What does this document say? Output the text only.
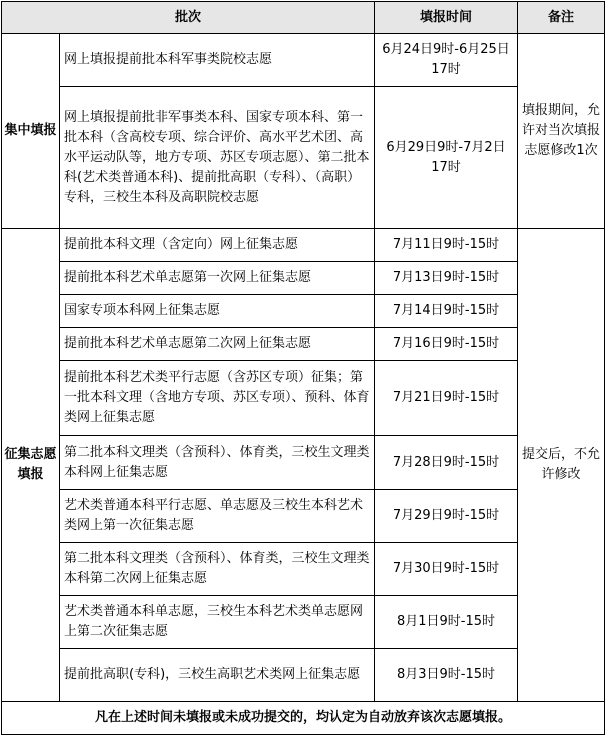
批次		填报时间	备注
集中填报	网上填报提前批本科军事类院校志愿	6月24日9时-6月25日17时	填报期间，允许对当次填报志愿修改1次
	网上填报提前批非军事类本科、国家专项本科、第一批本科（含高校专项、综合评价、高水平艺术团、高水平运动队等，地方专项、苏区专项志愿）、第二批本科(艺术类普通本科)、提前批高职（专科）、（高职）专科，三校生本科及高职院校志愿	6月29日9时-7月2日17时	
征集志愿填报	提前批本科文理（含定向）网上征集志愿	7月11日9时-15时	提交后，不允许修改
	提前批本科艺术单志愿第一次网上征集志愿	7月13日9时-15时	
	国家专项本科网上征集志愿	7月14日9时-15时	
	提前批本科艺术单志愿第二次网上征集志愿	7月16日9时-15时	
	提前批本科艺术类平行志愿（含苏区专项）征集；第一批本科文理（含地方专项、苏区专项）、预科、体育类网上征集志愿	7月21日9时-15时	
	第二批本科文理类（含预科）、体育类，三校生文理类本科网上征集志愿	7月28日9时-15时	
	艺术类普通本科平行志愿、单志愿及三校生本科艺术类网上第一次征集志愿	7月29日9时-15时	
	第二批本科文理类（含预科）、体育类，三校生文理类本科第二次网上征集志愿	7月30日9时-15时	
	艺术类普通本科单志愿，三校生本科艺术类单志愿网上第二次征集志愿	8月1日9时-15时	
	提前批高职(专科)，三校生高职艺术类网上征集志愿	8月3日9时-15时	
凡在上述时间未填报或未成功提交的，均认定为自动放弃该次志愿填报。			
